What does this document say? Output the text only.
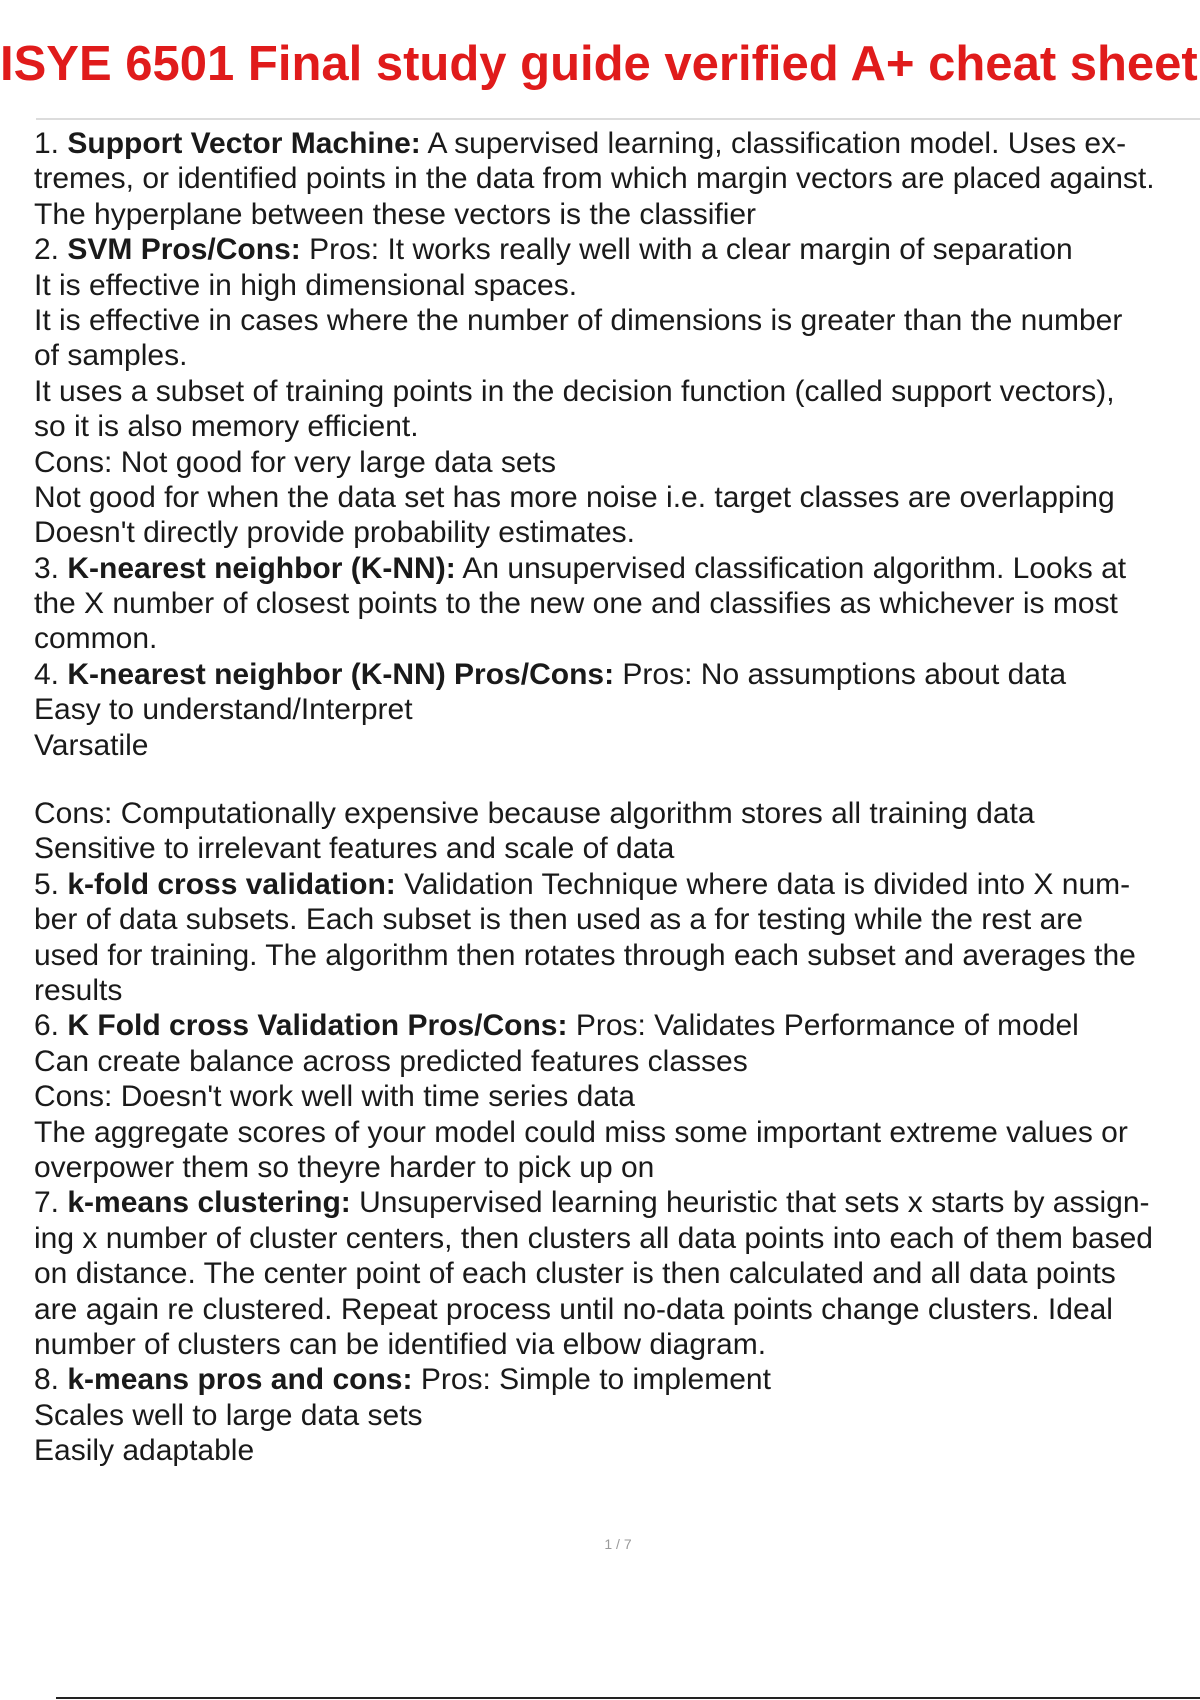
ISYE 6501 Final study guide verified A+ cheat sheet
1. Support Vector Machine: A supervised learning, classification model. Uses ex-
tremes, or identified points in the data from which margin vectors are placed against.
The hyperplane between these vectors is the classifier
2. SVM Pros/Cons: Pros: It works really well with a clear margin of separation
It is effective in high dimensional spaces.
It is effective in cases where the number of dimensions is greater than the number
of samples.
It uses a subset of training points in the decision function (called support vectors),
so it is also memory efficient.
Cons: Not good for very large data sets
Not good for when the data set has more noise i.e. target classes are overlapping
Doesn't directly provide probability estimates.
3. K-nearest neighbor (K-NN): An unsupervised classification algorithm. Looks at
the X number of closest points to the new one and classifies as whichever is most
common.
4. K-nearest neighbor (K-NN) Pros/Cons: Pros: No assumptions about data
Easy to understand/Interpret
Varsatile
Cons: Computationally expensive because algorithm stores all training data
Sensitive to irrelevant features and scale of data
5. k-fold cross validation: Validation Technique where data is divided into X num-
ber of data subsets. Each subset is then used as a for testing while the rest are
used for training. The algorithm then rotates through each subset and averages the
results
6. K Fold cross Validation Pros/Cons: Pros: Validates Performance of model
Can create balance across predicted features classes
Cons: Doesn't work well with time series data
The aggregate scores of your model could miss some important extreme values or
overpower them so theyre harder to pick up on
7. k-means clustering: Unsupervised learning heuristic that sets x starts by assign-
ing x number of cluster centers, then clusters all data points into each of them based
on distance. The center point of each cluster is then calculated and all data points
are again re clustered. Repeat process until no-data points change clusters. Ideal
number of clusters can be identified via elbow diagram.
8. k-means pros and cons: Pros: Simple to implement
Scales well to large data sets
Easily adaptable
1 / 7
